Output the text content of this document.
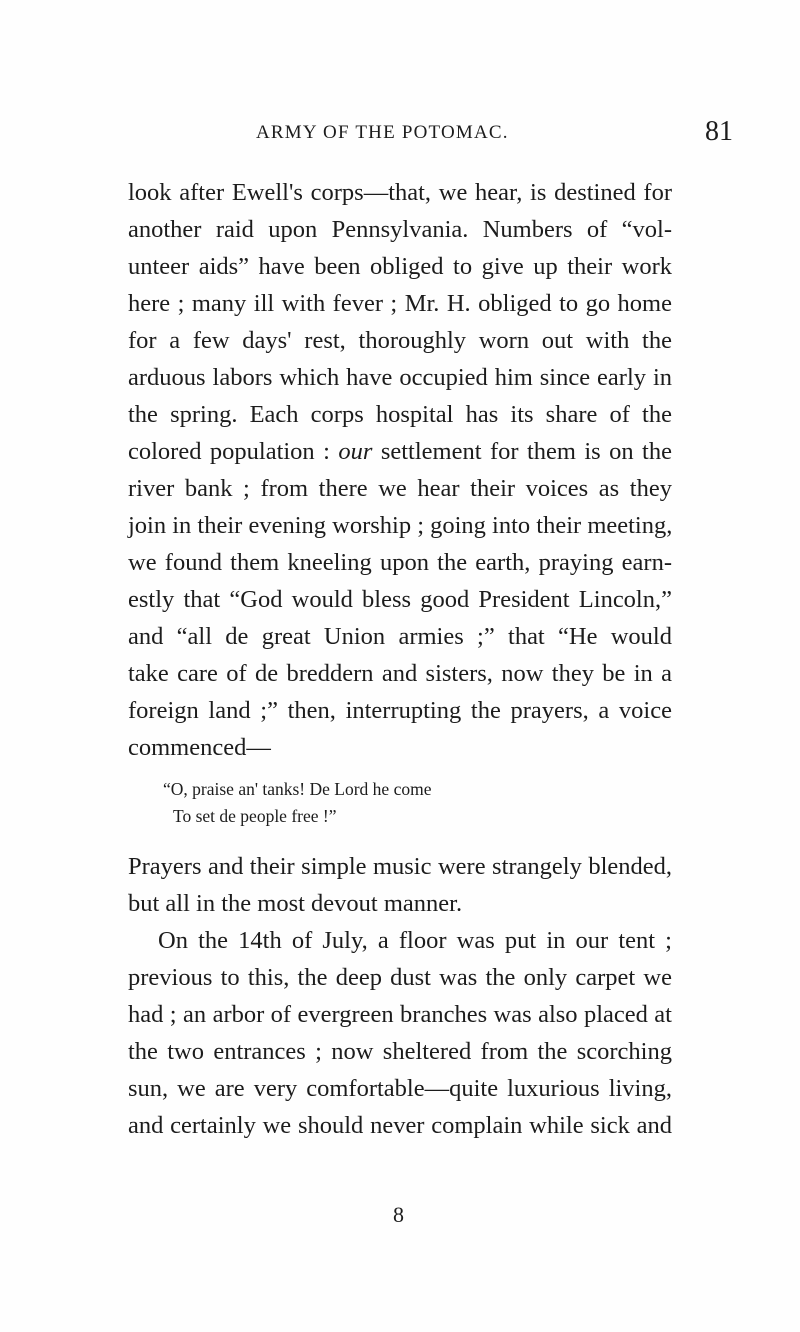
ARMY OF THE POTOMAC.	81
look after Ewell's corps—that, we hear, is destined for
another raid upon Pennsylvania. Numbers of “vol-
unteer aids” have been obliged to give up their work
here ; many ill with fever ; Mr. H. obliged to go home
for a few days' rest, thoroughly worn out with the
arduous labors which have occupied him since early in
the spring. Each corps hospital has its share of the
colored population : our settlement for them is on the
river bank ; from there we hear their voices as they
join in their evening worship ; going into their meeting,
we found them kneeling upon the earth, praying earn-
estly that “God would bless good President Lincoln,”
and “all de great Union armies ;” that “He would
take care of de breddern and sisters, now they be in a
foreign land ;” then, interrupting the prayers, a voice
commenced—
“O, praise an' tanks! De Lord he come
To set de people free !”
Prayers and their simple music were strangely blended,
but all in the most devout manner.
On the 14th of July, a floor was put in our tent ;
previous to this, the deep dust was the only carpet we
had ; an arbor of evergreen branches was also placed at
the two entrances ; now sheltered from the scorching
sun, we are very comfortable—quite luxurious living,
and certainly we should never complain while sick and
8
